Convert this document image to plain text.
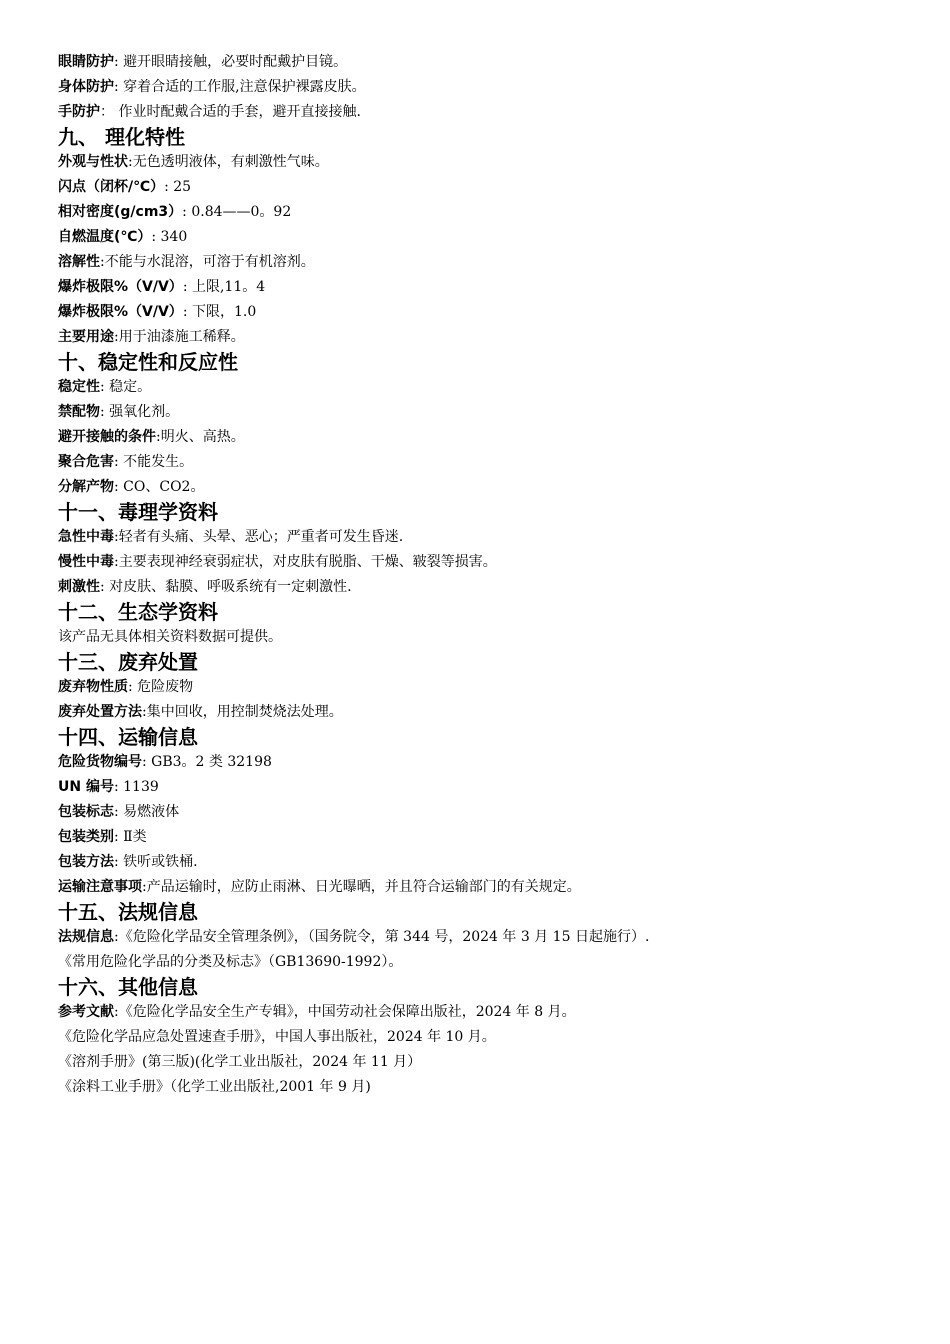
眼睛防护: 避开眼睛接触，必要时配戴护目镜。
身体防护: 穿着合适的工作服,注意保护裸露皮肤。
手防护： 作业时配戴合适的手套，避开直接接触.
九、 理化特性
外观与性状:无色透明液体，有刺激性气味。
闪点（闭杯/℃）: 25
相对密度(g/cm3）: 0.84——0。92
自燃温度(℃）: 340
溶解性:不能与水混溶，可溶于有机溶剂。
爆炸极限%（V/V）: 上限,11。4
爆炸极限%（V/V）: 下限，1.0
主要用途:用于油漆施工稀释。
十、稳定性和反应性
稳定性: 稳定。
禁配物: 强氧化剂。
避开接触的条件:明火、高热。
聚合危害: 不能发生。
分解产物: CO、CO2。
十一、毒理学资料
急性中毒:轻者有头痛、头晕、恶心；严重者可发生昏迷.
慢性中毒:主要表现神经衰弱症状，对皮肤有脱脂、干燥、皲裂等损害。
刺激性: 对皮肤、黏膜、呼吸系统有一定刺激性.
十二、生态学资料
该产品无具体相关资料数据可提供。
十三、废弃处置
废弃物性质: 危险废物
废弃处置方法:集中回收，用控制焚烧法处理。
十四、运输信息
危险货物编号: GB3。2 类 32198
UN 编号: 1139
包装标志: 易燃液体
包装类别: Ⅱ类
包装方法: 铁听或铁桶.
运输注意事项:产品运输时，应防止雨淋、日光曝晒，并且符合运输部门的有关规定。
十五、法规信息
法规信息:《危险化学品安全管理条例》，（国务院令，第 344 号，2024 年 3 月 15 日起施行）.
《常用危险化学品的分类及标志》（GB13690-1992）。
十六、其他信息
参考文献:《危险化学品安全生产专辑》，中国劳动社会保障出版社，2024 年 8 月。
《危险化学品应急处置速查手册》，中国人事出版社，2024 年 10 月。
《溶剂手册》(第三版)(化学工业出版社，2024 年 11 月）
《涂料工业手册》（化学工业出版社,2001 年 9 月)
